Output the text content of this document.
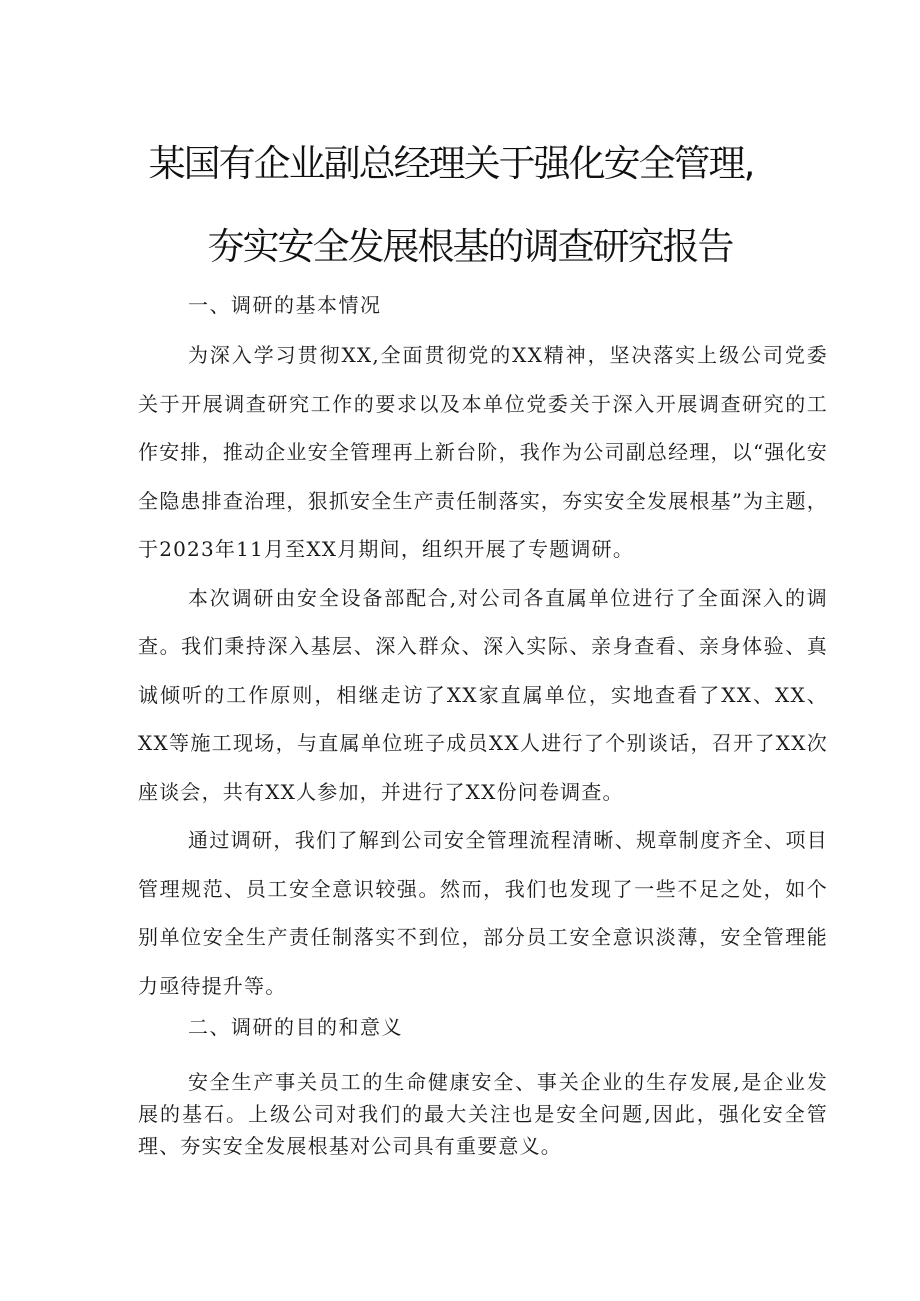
某国有企业副总经理关于强化安全管理,
夯实安全发展根基的调查研究报告
一、调研的基本情况

为深入学习贯彻XX,全面贯彻党的XX精神，坚决落实上级公司党委关于开展调查研究工作的要求以及本单位党委关于深入开展调查研究的工作安排，推动企业安全管理再上新台阶，我作为公司副总经理，以“强化安全隐患排查治理，狠抓安全生产责任制落实，夯实安全发展根基”为主题，于2023年11月至XX月期间，组织开展了专题调研。

本次调研由安全设备部配合,对公司各直属单位进行了全面深入的调查。我们秉持深入基层、深入群众、深入实际、亲身查看、亲身体验、真诚倾听的工作原则，相继走访了XX家直属单位，实地查看了XX、XX、XX等施工现场，与直属单位班子成员XX人进行了个别谈话，召开了XX次座谈会，共有XX人参加，并进行了XX份问卷调查。

通过调研，我们了解到公司安全管理流程清晰、规章制度齐全、项目管理规范、员工安全意识较强。然而，我们也发现了一些不足之处，如个别单位安全生产责任制落实不到位，部分员工安全意识淡薄，安全管理能力亟待提升等。

二、调研的目的和意义

安全生产事关员工的生命健康安全、事关企业的生存发展,是企业发展的基石。上级公司对我们的最大关注也是安全问题,因此，强化安全管理、夯实安全发展根基对公司具有重要意义。
